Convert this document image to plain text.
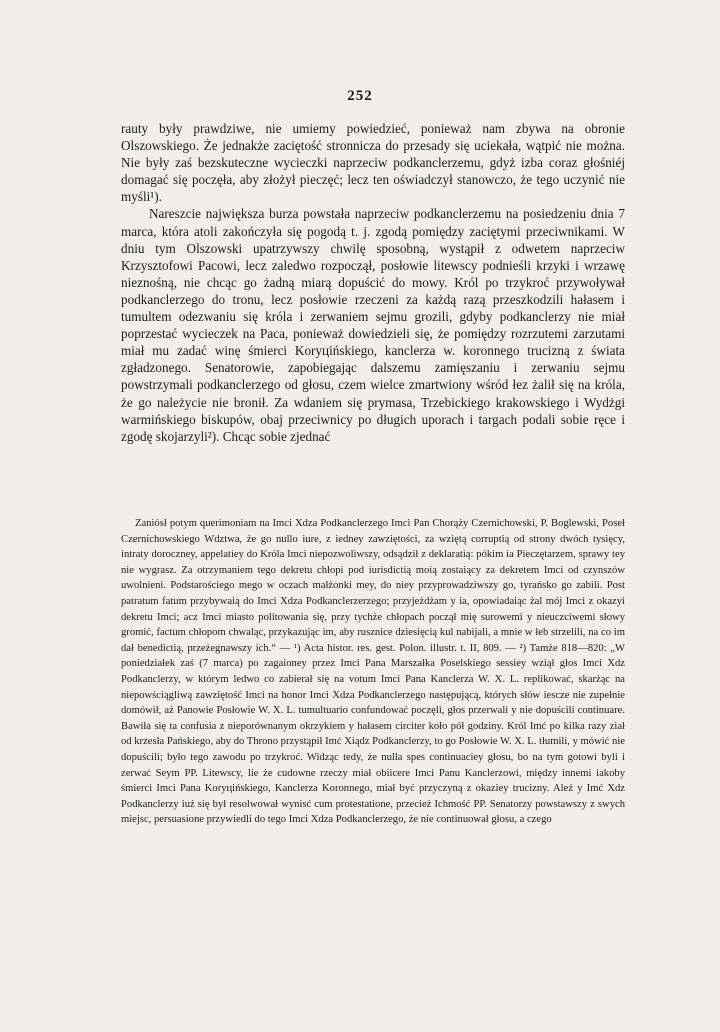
252

rauty były prawdziwe, nie umiemy powiedzieć, ponieważ nam zbywa na obronie Olszowskiego. Że jednakże zaciętość stronnicza do przesady się uciekała, wątpić nie można. Nie były zaś bezskuteczne wycieczki naprzeciw podkanclerzemu, gdyż izba coraz głośniéj domagać się poczęła, aby złożył pieczęć; lecz ten oświadczył stanowczo, że tego uczynić nie myśli¹).

Nareszcie największa burza powstała naprzeciw podkanclerzemu na posiedzeniu dnia 7 marca, która atoli zakończyła się pogodą t. j. zgodą pomiędzy zaciętymi przeciwnikami. W dniu tym Olszowski upatrzywszy chwilę sposobną, wystąpił z odwetem naprzeciw Krzysztofowi Pacowi, lecz zaledwo rozpoczął, posłowie litewscy podnieśli krzyki i wrzawę nieznośną, nie chcąc go żadną miarą dopuścić do mowy. Król po trzykroć przywoływał podkanclerzego do tronu, lecz posłowie rzeczeni za każdą razą przeszkodzili hałasem i tumultem odezwaniu się króla i zerwaniem sejmu grozili, gdyby podkanclerzy nie miał poprzestać wycieczek na Paca, ponieważ dowiedzieli się, że pomiędzy rozrzutemi zarzutami miał mu zadać winę śmierci Koryцińskiego, kanclerza w. koronnego trucizną z świata zgładzonego. Senatorowie, zapobiegając dalszemu zamięszaniu i zerwaniu sejmu powstrzymali podkanclerzego od głosu, czem wielce zmartwiony wśród łez żalił się na króla, że go należycie nie bronił. Za wdaniem się prymasa, Trzebickiego krakowskiego i Wydżgi warmińskiego biskupów, obaj przeciwnicy po długich uporach i targach podali sobie ręce i zgodę skojarzyli²). Chcąc sobie zjednać

Zaniósł potym querimoniam na Imci Xdza Podkanclerzego Imci Pan Chorąży Czernichowski, P. Boglewski, Poseł Czernichowskiego Wdztwa, że go nullo iure, z iedney zawziętości, za wziętą corruptią od strony dwóch tysięcy, intraty doroczney, appelatiey do Króla Imci niepozwoliwszy, odsądził z deklaratią: pókim ia Pieczętarzem, sprawy tey nie wygrasz. Za otrzymaniem tego dekretu chłopi pod iurisdictią moią zostaiący za dekretem Imci od czynszów uwolnieni. Podstarościego mego w oczach małżonki mey, do niey przyprowadziwszy go, tyrańsko go zabili. Post patratum fatum przybywaią do Imci Xdza Podkanclerzerzego; przyjeżdżam y ia, opowiadaiąc żal mój Imci z okazyi dekretu Imci; acz Imci miasto politowania się, przy tychże chłopach począł mię surowemi y nieuczciwemi słowy gromić, factum chłopom chwaląc, przykazując im, aby rusznice dziesięcią kul nabijali, a mnie w łeb strzelili, na co im dał benedictią, przeżegnawszy ich.“ — ¹) Acta histor. res. gest. Polon. illustr. t. II, 809. — ²) Tamże 818—820: „W poniedziałek zaś (7 marca) po zagaioney przez Imci Pana Marszałka Poselskiego sessiey wziął głos Imci Xdz Podkanclerzy, w którym ledwo co zabierał się na votum Imci Pana Kanclerza W. X. L. replikować, skarżąc na niepowściągliwą zawziętość Imci na honor Imci Xdza Podkanclerzego następującą, których słów iescze nie zupełnie domówił, aż Panowie Posłowie W. X. L. tumultuario confundować poczęli, głos przerwali y nie dopuścili continuare. Bawiła się ta confusia z nieporównanym okrzykiem y hałasem circiter koło pół godziny. Król Imć po kilka razy ział od krzesła Pańskiego, aby do Throno przystąpił Imć Xiądz Podkanclerzy, to go Posłowie W. X. L. tłumili, y mówić nie dopuścili; było tego zawodu po trzykroć. Widząc tedy, że nulla spes continuaciey głosu, bo na tym gotowi byli i zerwać Seym PP. Litewscy, lie że cudowne rzeczy miał obiicere Imci Panu Kanclerzowi, między innemi iakoby śmierci Imci Pana Koryцińskiego, Kanclerza Koronnego, miał być przyczyną z okaziey trucizny. Aleź y Imć Xdz Podkanclerzy iuż się był resolwował wynisć cum protestatione, przecież Ichmość PP. Senatorzy powstawszy z swych miejsc, persuasione przywiedli do tego Imci Xdza Podkanclerzego, że nie continuował głosu, a czego
